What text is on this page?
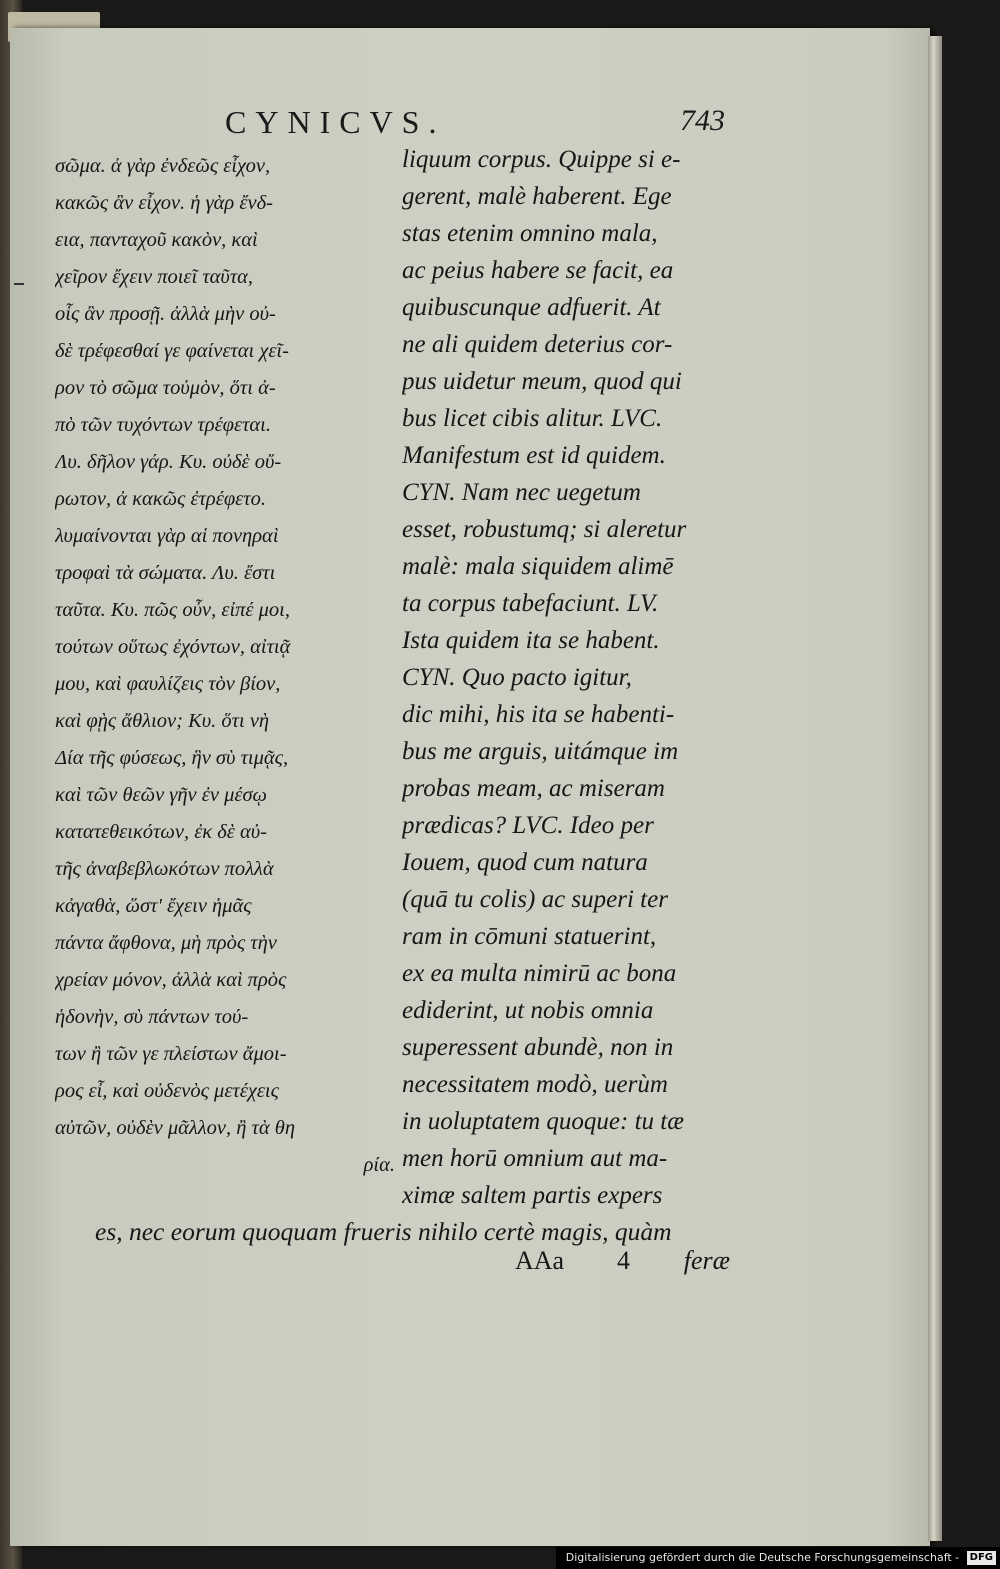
CYNICVS.	743
σῶμα. ἀ γὰρ ἐνδεῶς εἶχον,
κακῶς ἂν εἶχον. ἡ γὰρ ἔνδ-
εια, πανταχοῦ κακὸν, καὶ
χεῖρον ἔχειν ποιεῖ ταῦτα,
οἷς ἂν προσῇ. ἀλλὰ μὴν οὐ-
δὲ τρέφεσθαί γε φαίνεται χεῖ-
ρον τὸ σῶμα τοὐμὸν, ὅτι ἀ-
πὸ τῶν τυχόντων τρέφεται.
Λυ. δῆλον γάρ. Κυ. οὐδὲ οὔ-
ρωτον, ἀ κακῶς ἐτρέφετο.
λυμαίνονται γὰρ αἱ πονηραὶ
τροφαὶ τὰ σώματα. Λυ. ἔστι
ταῦτα. Κυ. πῶς οὖν, εἰπέ μοι,
τούτων οὕτως ἐχόντων, αἰτιᾷ
μου, καὶ φαυλίζεις τὸν βίον,
καὶ φῂς ἄθλιον; Κυ. ὅτι νὴ
Δία τῆς φύσεως, ἣν σὺ τιμᾷς,
καὶ τῶν θεῶν γῆν ἐν μέσῳ
κατατεθεικότων, ἐκ δὲ αὐ-
τῆς ἀναβεβλωκότων πολλὰ
κἀγαθὰ, ὥστ' ἔχειν ἡμᾶς
πάντα ἄφθονα, μὴ πρὸς τὴν
χρείαν μόνον, ἀλλὰ καὶ πρὸς
ἡδονὴν, σὺ πάντων τού-
των ἢ τῶν γε πλείστων ἄμοι-
ρος εἶ, καὶ οὐδενὸς μετέχεις
αὐτῶν, οὐδὲν μᾶλλον, ἢ τὰ θη
ρία.
liquum corpus. Quippe si e-
gerent, malè haberent. Ege
stas etenim omnino mala,
ac peius habere se facit, ea
quibuscunque adfuerit. At
ne ali quidem deterius cor-
pus uidetur meum, quod qui
bus licet cibis alitur. LVC.
Manifestum est id quidem.
CYN. Nam nec uegetum
esset, robustumq; si aleretur
malè: mala siquidem alimē
ta corpus tabefaciunt. LV.
Ista quidem ita se habent.
CYN. Quo pacto igitur,
dic mihi, his ita se habenti-
bus me arguis, uitámque im
probas meam, ac miseram
prædicas? LVC. Ideo per
Iouem, quod cum natura
(quā tu colis) ac superi ter
ram in cōmuni statuerint,
ex ea multa nimirū ac bona
ediderint, ut nobis omnia
superessent abundè, non in
necessitatem modò, uerùm
in uoluptatem quoque: tu tæ
men horū omnium aut ma-
ximæ saltem partis expers
es, nec eorum quoquam frueris nihilo certè magis, quàm
AAa 4 feræ
Digitalisierung gefördert durch die Deutsche Forschungsgemeinschaft - DFG
